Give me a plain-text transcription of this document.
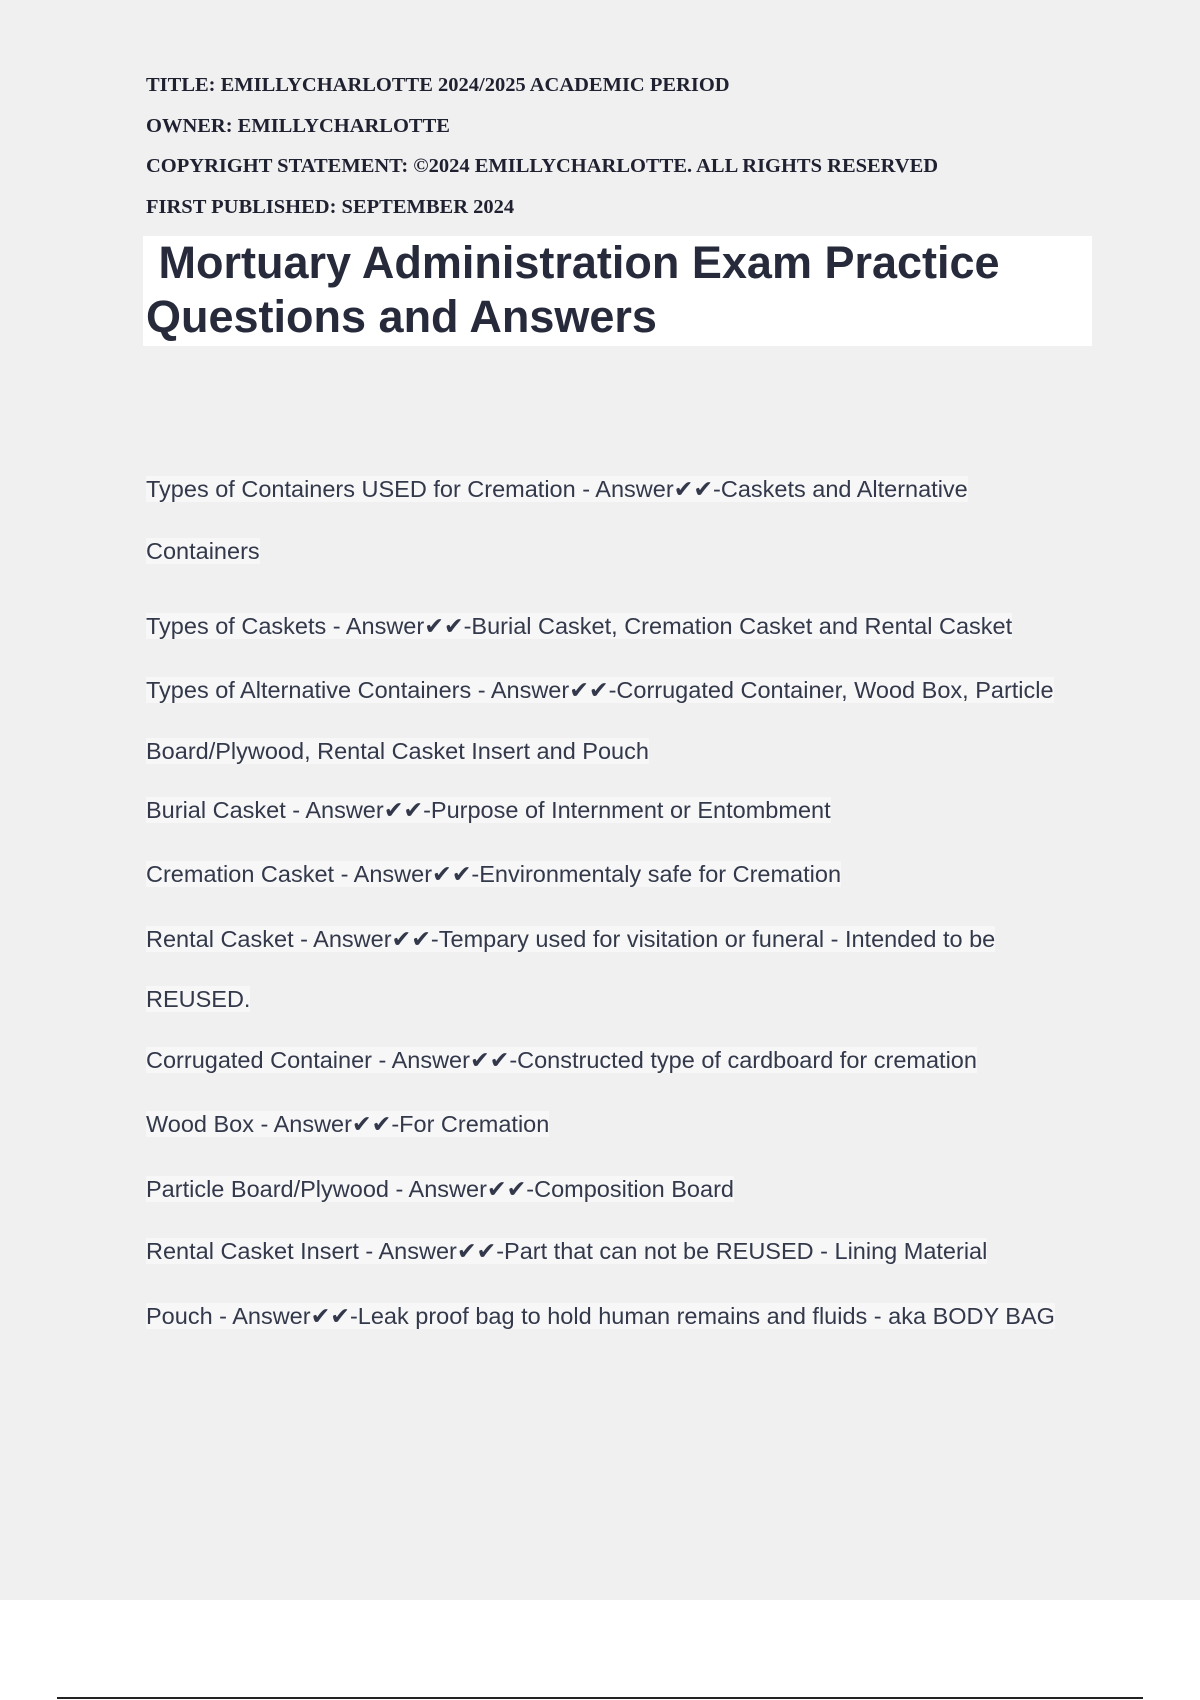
TITLE: EMILLYCHARLOTTE 2024/2025 ACADEMIC PERIOD
OWNER: EMILLYCHARLOTTE
COPYRIGHT STATEMENT: ©2024 EMILLYCHARLOTTE. ALL RIGHTS RESERVED
FIRST PUBLISHED: SEPTEMBER 2024
Mortuary Administration Exam Practice
Questions and Answers
Types of Containers USED for Cremation - Answer✔✔-Caskets and Alternative
Containers
Types of Caskets - Answer✔✔-Burial Casket, Cremation Casket and Rental Casket
Types of Alternative Containers - Answer✔✔-Corrugated Container, Wood Box, Particle
Board/Plywood, Rental Casket Insert and Pouch
Burial Casket - Answer✔✔-Purpose of Internment or Entombment
Cremation Casket - Answer✔✔-Environmentaly safe for Cremation
Rental Casket - Answer✔✔-Tempary used for visitation or funeral - Intended to be
REUSED.
Corrugated Container - Answer✔✔-Constructed type of cardboard for cremation
Wood Box - Answer✔✔-For Cremation
Particle Board/Plywood - Answer✔✔-Composition Board
Rental Casket Insert - Answer✔✔-Part that can not be REUSED - Lining Material
Pouch - Answer✔✔-Leak proof bag to hold human remains and fluids - aka BODY BAG
